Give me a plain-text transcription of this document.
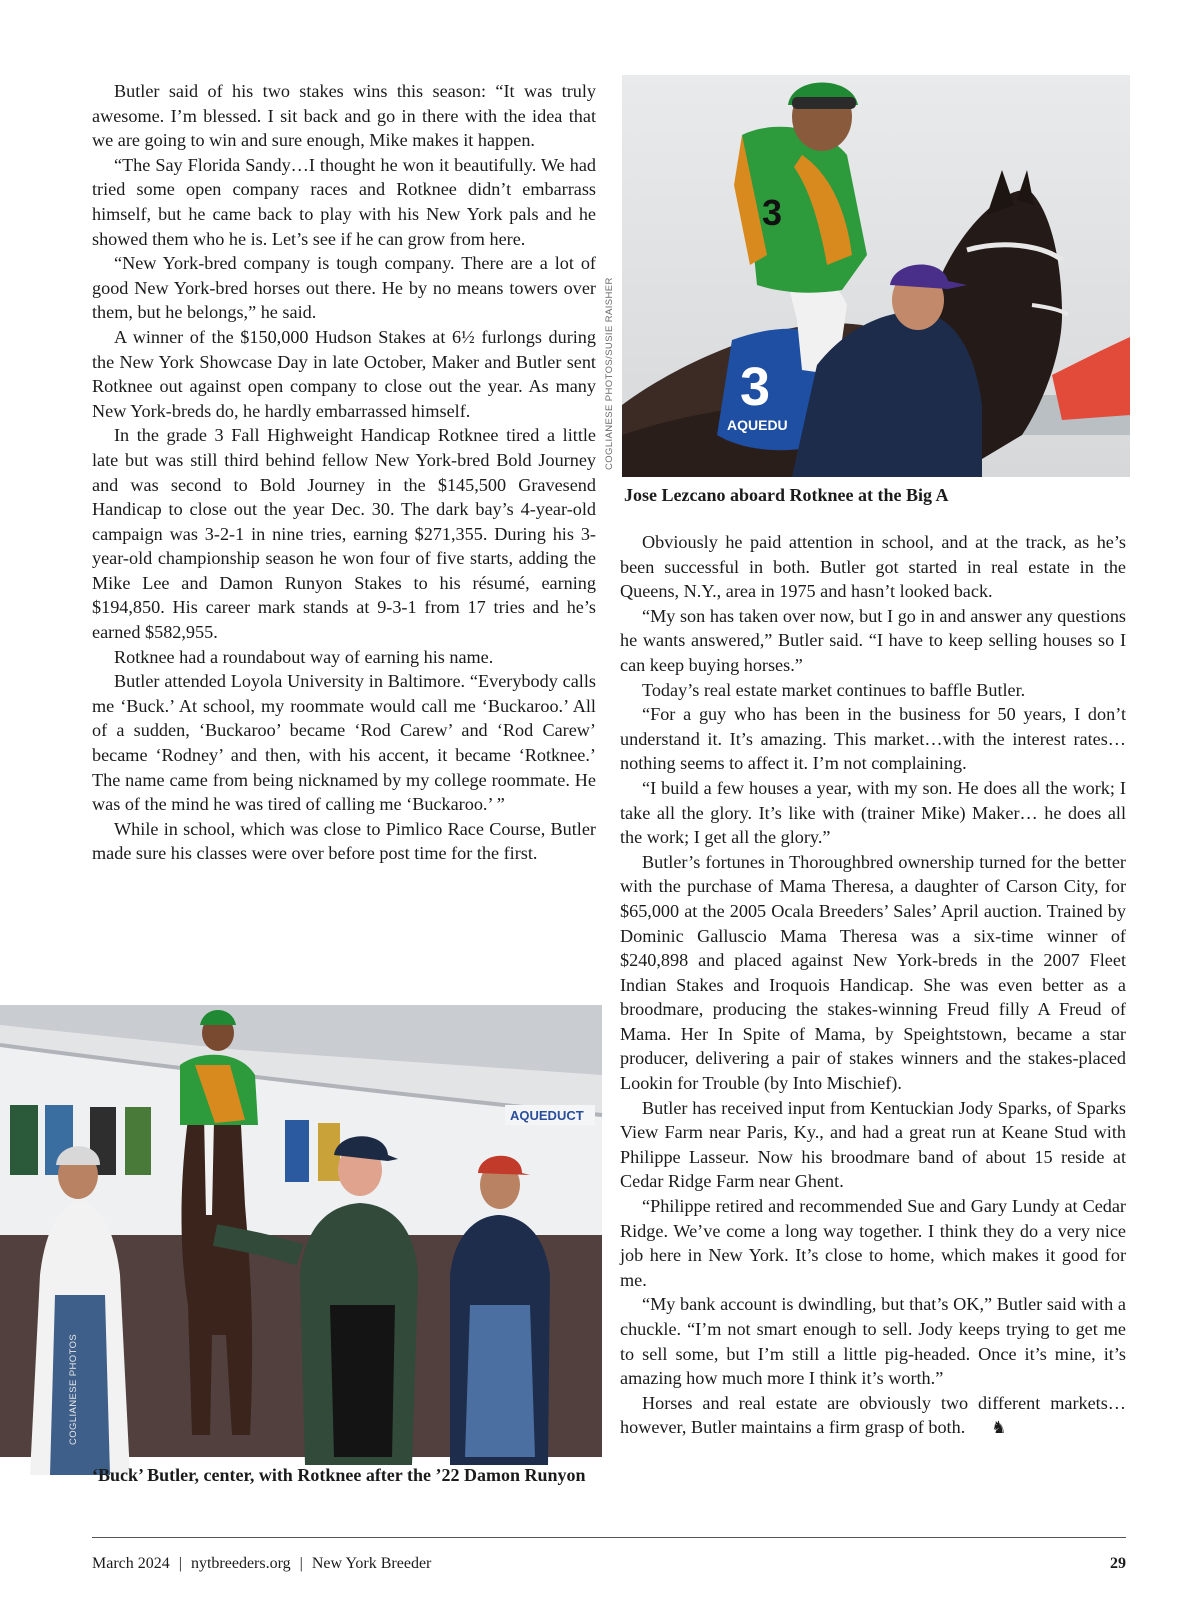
Butler said of his two stakes wins this season: “It was truly awesome. I’m blessed. I sit back and go in there with the idea that we are going to win and sure enough, Mike makes it happen.

“The Say Florida Sandy…I thought he won it beautifully. We had tried some open company races and Rotknee didn’t embarrass himself, but he came back to play with his New York pals and he showed them who he is. Let’s see if he can grow from here.

“New York-bred company is tough company. There are a lot of good New York-bred horses out there. He by no means towers over them, but he belongs,” he said.

A winner of the $150,000 Hudson Stakes at 6½ furlongs during the New York Showcase Day in late October, Maker and Butler sent Rotknee out against open company to close out the year. As many New York-breds do, he hardly embarrassed himself.

In the grade 3 Fall Highweight Handicap Rotknee tired a little late but was still third behind fellow New York-bred Bold Journey and was second to Bold Journey in the $145,500 Gravesend Handicap to close out the year Dec. 30. The dark bay’s 4-year-old campaign was 3-2-1 in nine tries, earning $271,355. During his 3-year-old championship season he won four of five starts, adding the Mike Lee and Damon Runyon Stakes to his résumé, earning $194,850. His career mark stands at 9-3-1 from 17 tries and he’s earned $582,955.

Rotknee had a roundabout way of earning his name.

Butler attended Loyola University in Baltimore. “Everybody calls me ‘Buck.’ At school, my roommate would call me ‘Buckaroo.’ All of a sudden, ‘Buckaroo’ became ‘Rod Carew’ and ‘Rod Carew’ became ‘Rodney’ and then, with his accent, it became ‘Rotknee.’ The name came from being nicknamed by my college roommate. He was of the mind he was tired of calling me ‘Buckaroo.’ ”

While in school, which was close to Pimlico Race Course, Butler made sure his classes were over before post time for the first.

3
AQUEDU
3
COGLIANESE PHOTOS/SUSIE RAISHER
Jose Lezcano aboard Rotknee at the Big A

Obviously he paid attention in school, and at the track, as he’s been successful in both. Butler got started in real estate in the Queens, N.Y., area in 1975 and hasn’t looked back.

“My son has taken over now, but I go in and answer any questions he wants answered,” Butler said. “I have to keep selling houses so I can keep buying horses.”

Today’s real estate market continues to baffle Butler.

“For a guy who has been in the business for 50 years, I don’t understand it. It’s amazing. This market…with the interest rates…nothing seems to affect it. I’m not complaining.

“I build a few houses a year, with my son. He does all the work; I take all the glory. It’s like with (trainer Mike) Maker… he does all the work; I get all the glory.”

Butler’s fortunes in Thoroughbred ownership turned for the better with the purchase of Mama Theresa, a daughter of Carson City, for $65,000 at the 2005 Ocala Breeders’ Sales’ April auction. Trained by Dominic Galluscio Mama Theresa was a six-time winner of $240,898 and placed against New York-breds in the 2007 Fleet Indian Stakes and Iroquois Handicap. She was even better as a broodmare, producing the stakes-winning Freud filly A Freud of Mama. Her In Spite of Mama, by Speightstown, became a star producer, delivering a pair of stakes winners and the stakes-placed Lookin for Trouble (by Into Mischief).

Butler has received input from Kentuckian Jody Sparks, of Sparks View Farm near Paris, Ky., and had a great run at Keane Stud with Philippe Lasseur. Now his broodmare band of about 15 reside at Cedar Ridge Farm near Ghent.

“Philippe retired and recommended Sue and Gary Lundy at Cedar Ridge. We’ve come a long way together. I think they do a very nice job here in New York. It’s close to home, which makes it good for me.

“My bank account is dwindling, but that’s OK,” Butler said with a chuckle. “I’m not smart enough to sell. Jody keeps trying to get me to sell some, but I’m still a little pig-headed. Once it’s mine, it’s amazing how much more I think it’s worth.”

Horses and real estate are obviously two different markets… however, Butler maintains a firm grasp of both. ♞

AQUEDUCT
COGLIANESE PHOTOS
‘Buck’ Butler, center, with Rotknee after the ’22 Damon Runyon
March 2024 | nytbreeders.org | New York Breeder	29
